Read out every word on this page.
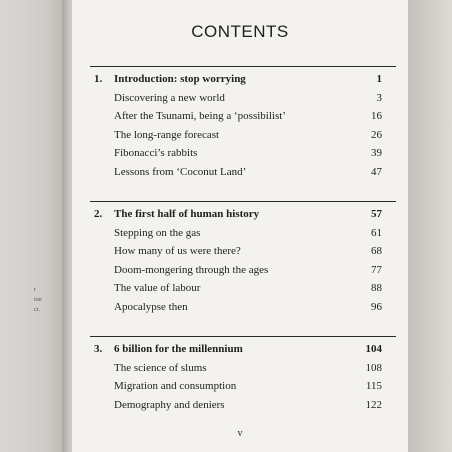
r
ion
ct.
CONTENTS
1. Introduction: stop worrying	1
Discovering a new world	3
After the Tsunami, being a ‘possibilist’	16
The long-range forecast	26
Fibonacci’s rabbits	39
Lessons from ‘Coconut Land’	47
2. The first half of human history	57
Stepping on the gas	61
How many of us were there?	68
Doom-mongering through the ages	77
The value of labour	88
Apocalypse then	96
3. 6 billion for the millennium	104
The science of slums	108
Migration and consumption	115
Demography and deniers	122
v
